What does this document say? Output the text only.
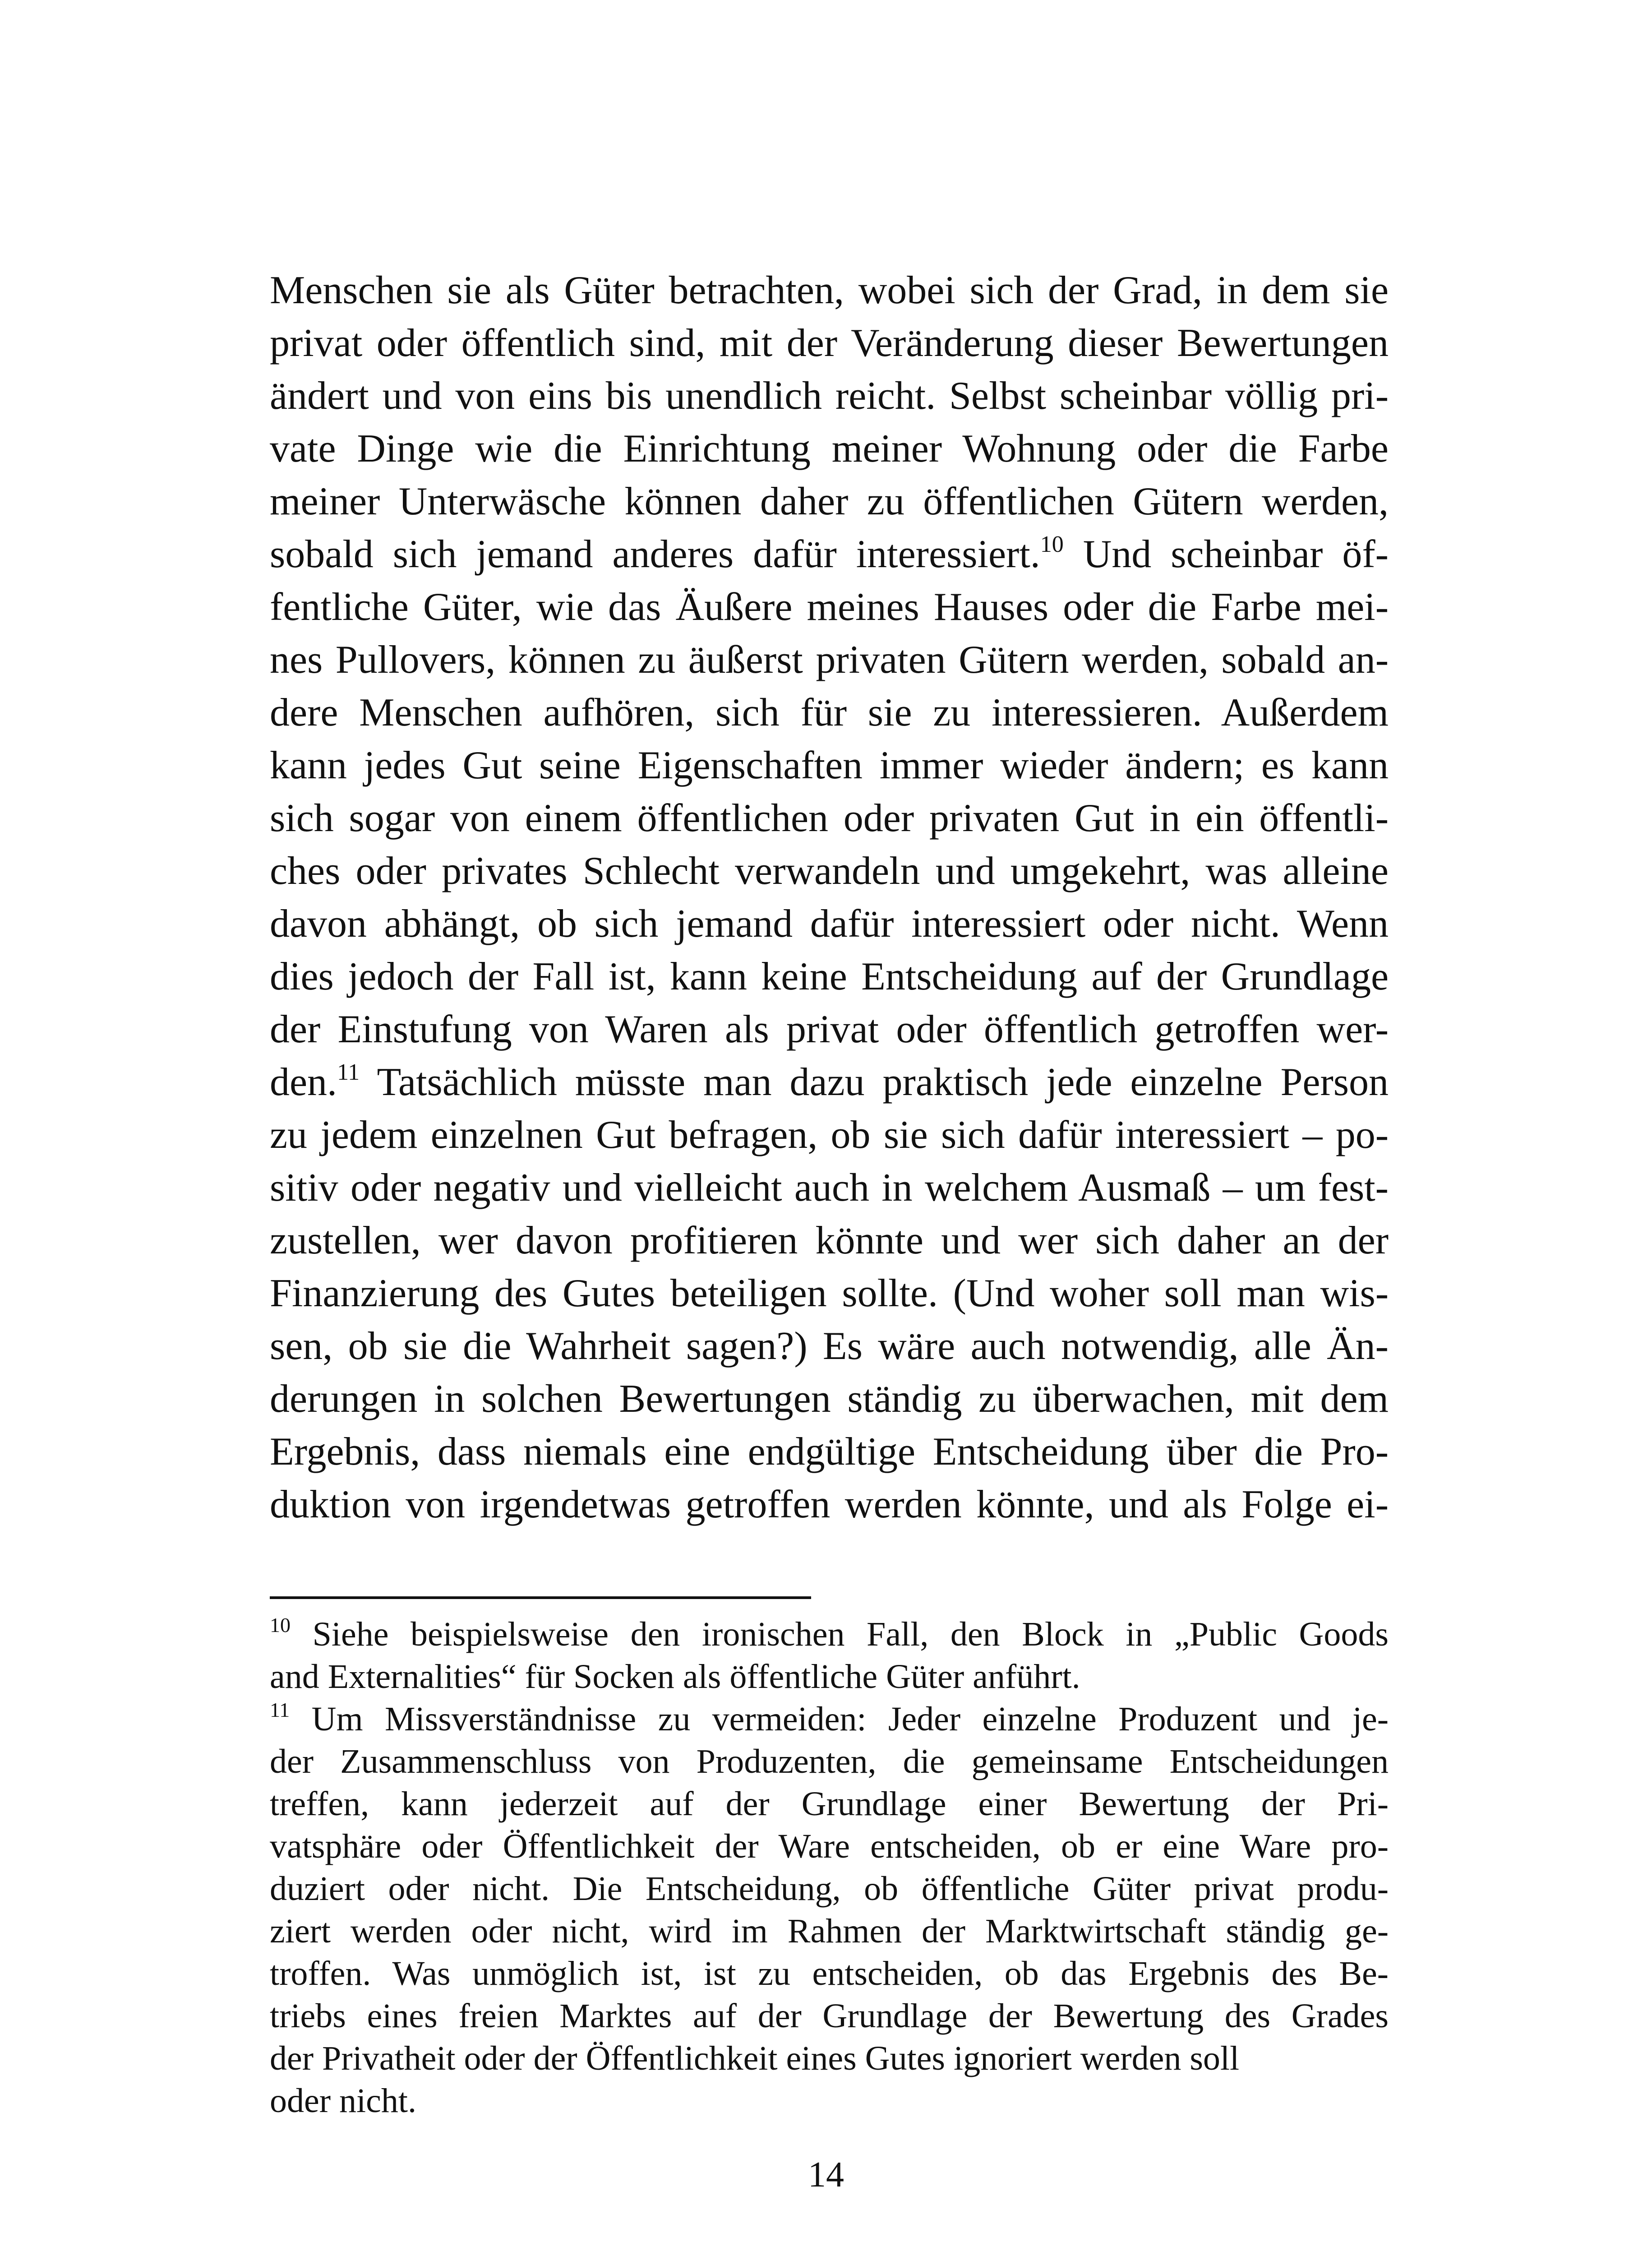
Menschen sie als Güter betrachten, wobei sich der Grad, in dem sie
privat oder öffentlich sind, mit der Veränderung dieser Bewertungen
ändert und von eins bis unendlich reicht. Selbst scheinbar völlig pri-
vate Dinge wie die Einrichtung meiner Wohnung oder die Farbe
meiner Unterwäsche können daher zu öffentlichen Gütern werden,
sobald sich jemand anderes dafür interessiert.$^{10}$ Und scheinbar öf-
fentliche Güter, wie das Äußere meines Hauses oder die Farbe mei-
nes Pullovers, können zu äußerst privaten Gütern werden, sobald an-
dere Menschen aufhören, sich für sie zu interessieren. Außerdem
kann jedes Gut seine Eigenschaften immer wieder ändern; es kann
sich sogar von einem öffentlichen oder privaten Gut in ein öffentli-
ches oder privates Schlecht verwandeln und umgekehrt, was alleine
davon abhängt, ob sich jemand dafür interessiert oder nicht. Wenn
dies jedoch der Fall ist, kann keine Entscheidung auf der Grundlage
der Einstufung von Waren als privat oder öffentlich getroffen wer-
den.$^{11}$ Tatsächlich müsste man dazu praktisch jede einzelne Person
zu jedem einzelnen Gut befragen, ob sie sich dafür interessiert – po-
sitiv oder negativ und vielleicht auch in welchem Ausmaß – um fest-
zustellen, wer davon profitieren könnte und wer sich daher an der
Finanzierung des Gutes beteiligen sollte. (Und woher soll man wis-
sen, ob sie die Wahrheit sagen?) Es wäre auch notwendig, alle Än-
derungen in solchen Bewertungen ständig zu überwachen, mit dem
Ergebnis, dass niemals eine endgültige Entscheidung über die Pro-
duktion von irgendetwas getroffen werden könnte, und als Folge ei-
$^{10}$ Siehe beispielsweise den ironischen Fall, den Block in „Public Goods
and Externalities“ für Socken als öffentliche Güter anführt.
$^{11}$ Um Missverständnisse zu vermeiden: Jeder einzelne Produzent und je-
der Zusammenschluss von Produzenten, die gemeinsame Entscheidungen
treffen, kann jederzeit auf der Grundlage einer Bewertung der Pri-
vatsphäre oder Öffentlichkeit der Ware entscheiden, ob er eine Ware pro-
duziert oder nicht. Die Entscheidung, ob öffentliche Güter privat produ-
ziert werden oder nicht, wird im Rahmen der Marktwirtschaft ständig ge-
troffen. Was unmöglich ist, ist zu entscheiden, ob das Ergebnis des Be-
triebs eines freien Marktes auf der Grundlage der Bewertung des Grades
der Privatheit oder der Öffentlichkeit eines Gutes ignoriert werden soll
oder nicht.
14
